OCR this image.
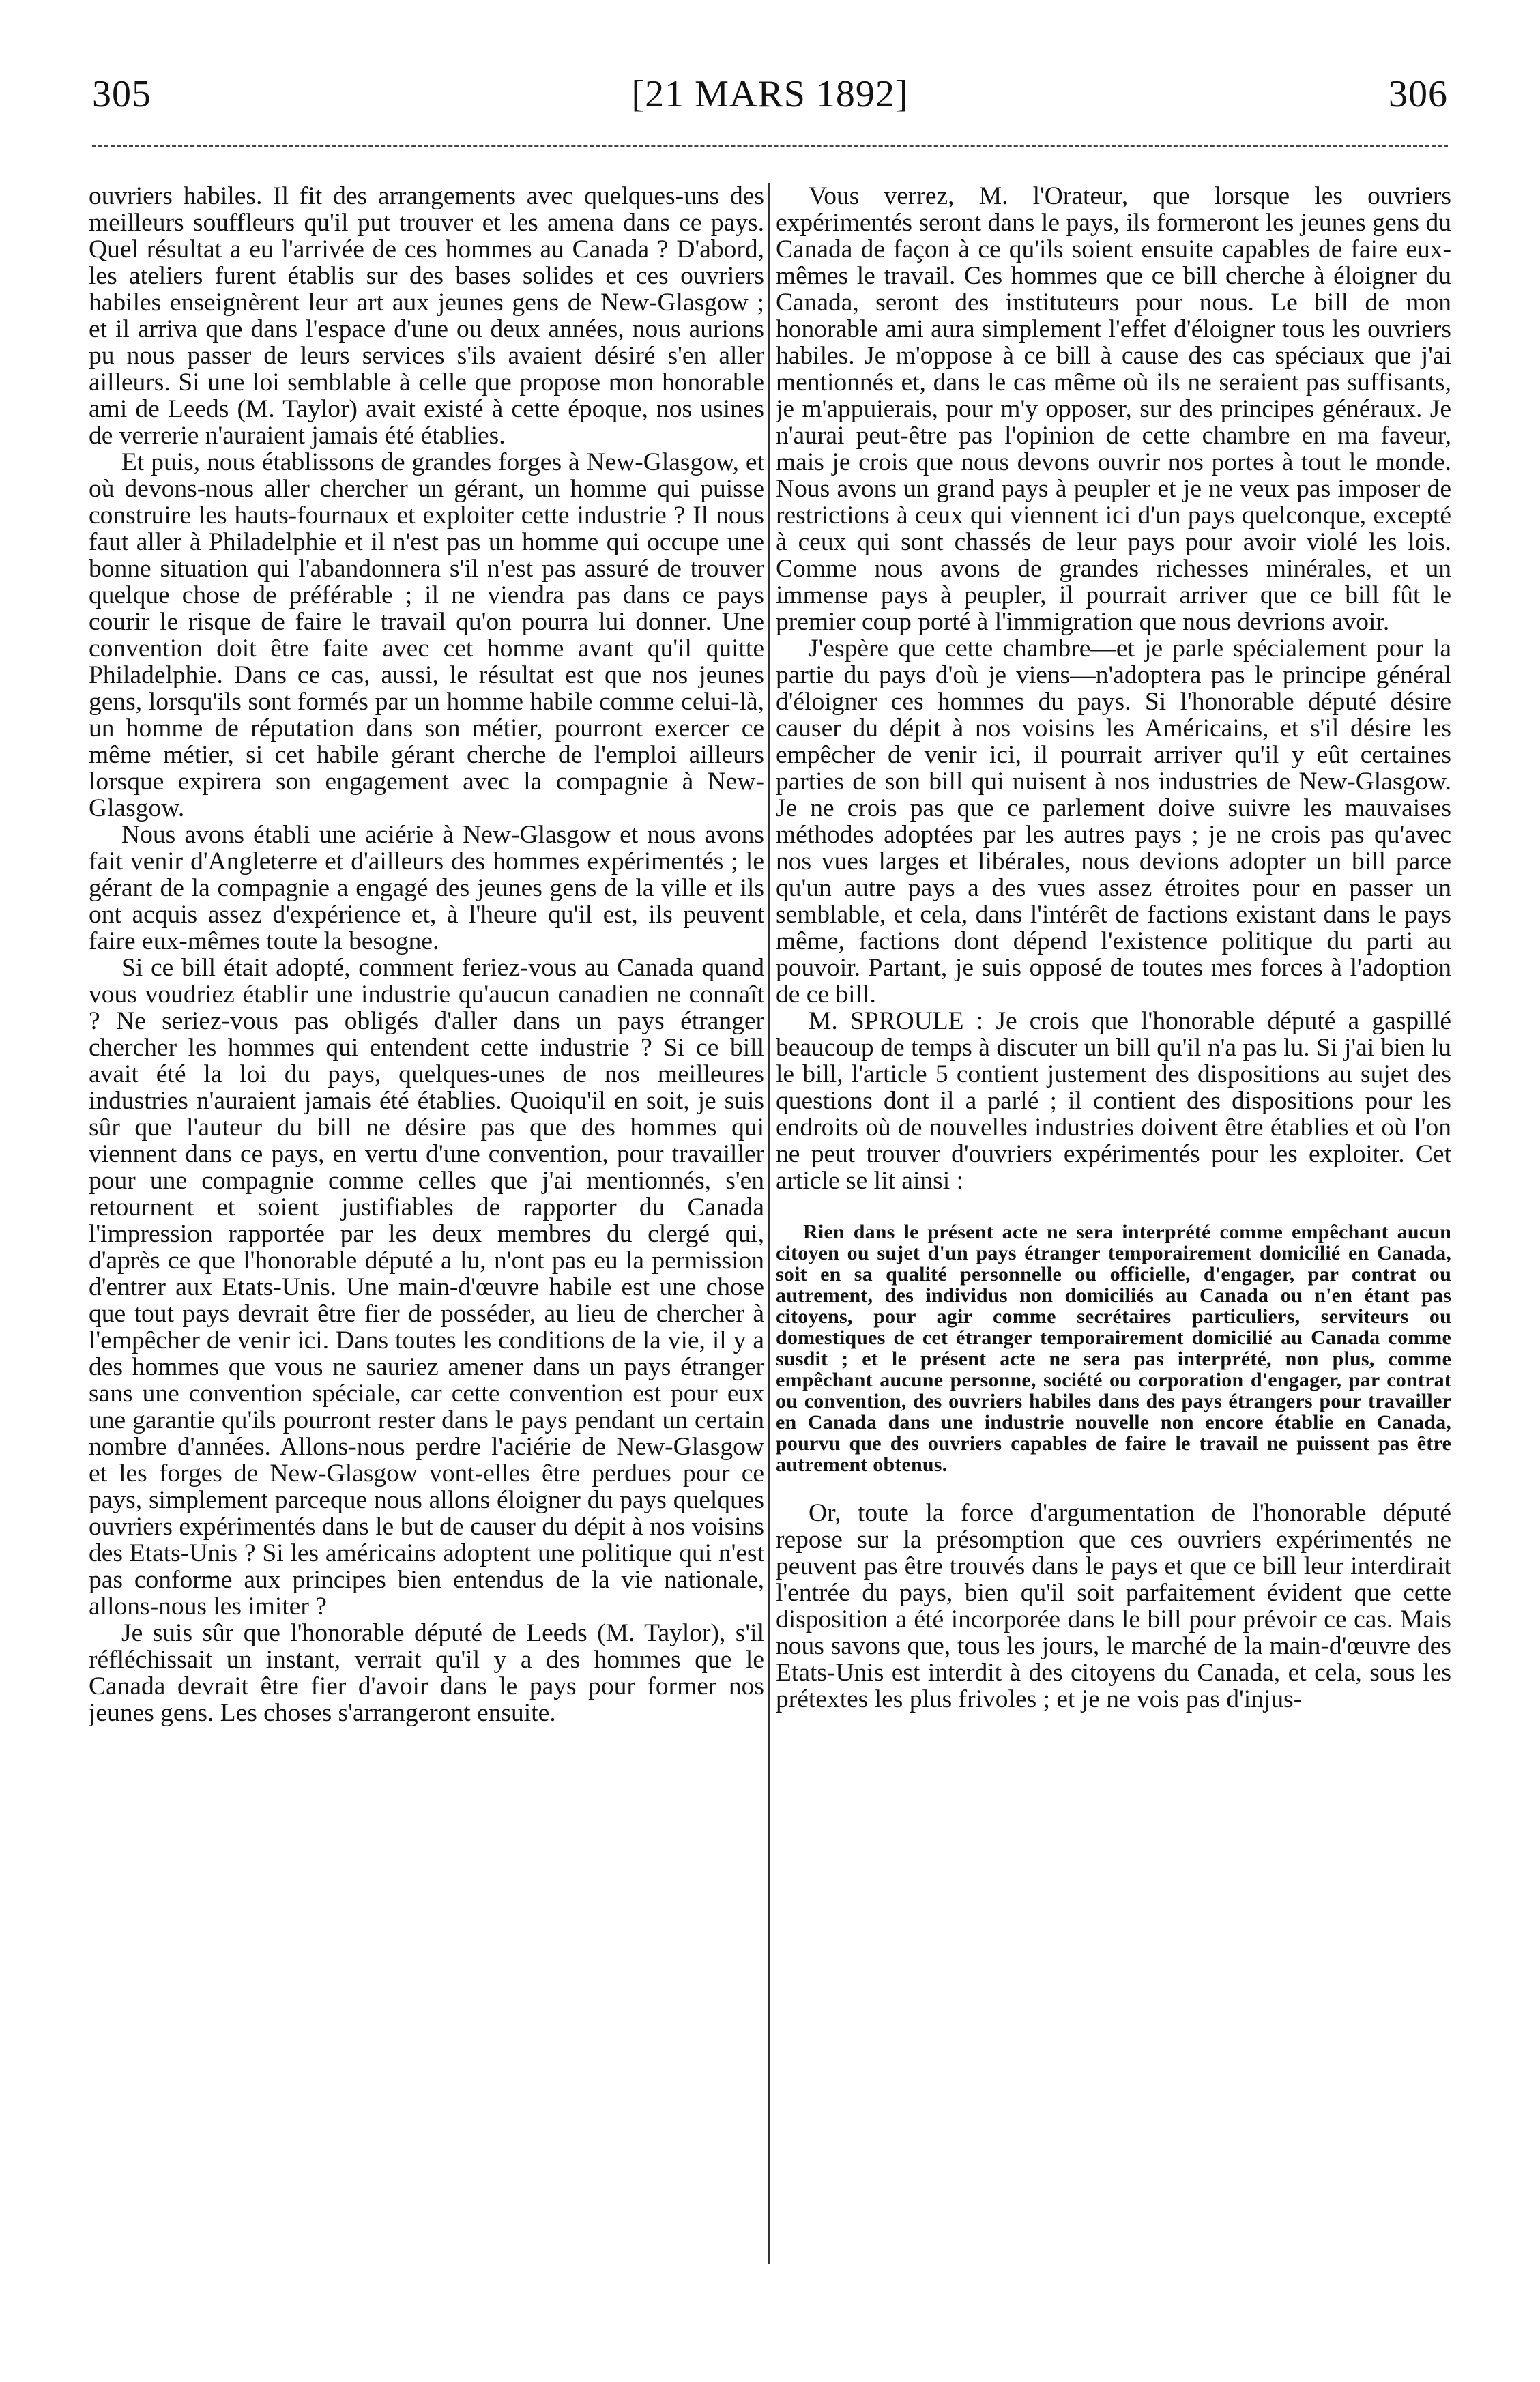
305	[21 MARS 1892]	306

ouvriers habiles. Il fit des arrangements avec quelques-uns des meilleurs souffleurs qu'il put trouver et les amena dans ce pays. Quel résultat a eu l'arrivée de ces hommes au Canada ? D'abord, les ateliers furent établis sur des bases solides et ces ouvriers habiles enseignèrent leur art aux jeunes gens de New-Glasgow ; et il arriva que dans l'espace d'une ou deux années, nous aurions pu nous passer de leurs services s'ils avaient désiré s'en aller ailleurs. Si une loi semblable à celle que propose mon honorable ami de Leeds (M. Taylor) avait existé à cette époque, nos usines de verrerie n'auraient jamais été établies.

Et puis, nous établissons de grandes forges à New-Glasgow, et où devons-nous aller chercher un gérant, un homme qui puisse construire les hauts-fournaux et exploiter cette industrie ? Il nous faut aller à Philadelphie et il n'est pas un homme qui occupe une bonne situation qui l'abandonnera s'il n'est pas assuré de trouver quelque chose de préférable ; il ne viendra pas dans ce pays courir le risque de faire le travail qu'on pourra lui donner. Une convention doit être faite avec cet homme avant qu'il quitte Philadelphie. Dans ce cas, aussi, le résultat est que nos jeunes gens, lorsqu'ils sont formés par un homme habile comme celui-là, un homme de réputation dans son métier, pourront exercer ce même métier, si cet habile gérant cherche de l'emploi ailleurs lorsque expirera son engagement avec la compagnie à New-Glasgow.

Nous avons établi une aciérie à New-Glasgow et nous avons fait venir d'Angleterre et d'ailleurs des hommes expérimentés ; le gérant de la compagnie a engagé des jeunes gens de la ville et ils ont acquis assez d'expérience et, à l'heure qu'il est, ils peuvent faire eux-mêmes toute la besogne.

Si ce bill était adopté, comment feriez-vous au Canada quand vous voudriez établir une industrie qu'aucun canadien ne connaît ? Ne seriez-vous pas obligés d'aller dans un pays étranger chercher les hommes qui entendent cette industrie ? Si ce bill avait été la loi du pays, quelques-unes de nos meilleures industries n'auraient jamais été établies. Quoiqu'il en soit, je suis sûr que l'auteur du bill ne désire pas que des hommes qui viennent dans ce pays, en vertu d'une convention, pour travailler pour une compagnie comme celles que j'ai mentionnés, s'en retournent et soient justifiables de rapporter du Canada l'impression rapportée par les deux membres du clergé qui, d'après ce que l'honorable député a lu, n'ont pas eu la permission d'entrer aux Etats-Unis. Une main-d'œuvre habile est une chose que tout pays devrait être fier de posséder, au lieu de chercher à l'empêcher de venir ici. Dans toutes les conditions de la vie, il y a des hommes que vous ne sauriez amener dans un pays étranger sans une convention spéciale, car cette convention est pour eux une garantie qu'ils pourront rester dans le pays pendant un certain nombre d'années. Allons-nous perdre l'aciérie de New-Glasgow et les forges de New-Glasgow vont-elles être perdues pour ce pays, simplement parceque nous allons éloigner du pays quelques ouvriers expérimentés dans le but de causer du dépit à nos voisins des Etats-Unis ? Si les américains adoptent une politique qui n'est pas conforme aux principes bien entendus de la vie nationale, allons-nous les imiter ?

Je suis sûr que l'honorable député de Leeds (M. Taylor), s'il réfléchissait un instant, verrait qu'il y a des hommes que le Canada devrait être fier d'avoir dans le pays pour former nos jeunes gens. Les choses s'arrangeront ensuite.

Vous verrez, M. l'Orateur, que lorsque les ouvriers expérimentés seront dans le pays, ils formeront les jeunes gens du Canada de façon à ce qu'ils soient ensuite capables de faire eux-mêmes le travail. Ces hommes que ce bill cherche à éloigner du Canada, seront des instituteurs pour nous. Le bill de mon honorable ami aura simplement l'effet d'éloigner tous les ouvriers habiles. Je m'oppose à ce bill à cause des cas spéciaux que j'ai mentionnés et, dans le cas même où ils ne seraient pas suffisants, je m'appuierais, pour m'y opposer, sur des principes généraux. Je n'aurai peut-être pas l'opinion de cette chambre en ma faveur, mais je crois que nous devons ouvrir nos portes à tout le monde. Nous avons un grand pays à peupler et je ne veux pas imposer de restrictions à ceux qui viennent ici d'un pays quelconque, excepté à ceux qui sont chassés de leur pays pour avoir violé les lois. Comme nous avons de grandes richesses minérales, et un immense pays à peupler, il pourrait arriver que ce bill fût le premier coup porté à l'immigration que nous devrions avoir.

J'espère que cette chambre—et je parle spécialement pour la partie du pays d'où je viens—n'adoptera pas le principe général d'éloigner ces hommes du pays. Si l'honorable député désire causer du dépit à nos voisins les Américains, et s'il désire les empêcher de venir ici, il pourrait arriver qu'il y eût certaines parties de son bill qui nuisent à nos industries de New-Glasgow. Je ne crois pas que ce parlement doive suivre les mauvaises méthodes adoptées par les autres pays ; je ne crois pas qu'avec nos vues larges et libérales, nous devions adopter un bill parce qu'un autre pays a des vues assez étroites pour en passer un semblable, et cela, dans l'intérêt de factions existant dans le pays même, factions dont dépend l'existence politique du parti au pouvoir. Partant, je suis opposé de toutes mes forces à l'adoption de ce bill.

M. SPROULE : Je crois que l'honorable député a gaspillé beaucoup de temps à discuter un bill qu'il n'a pas lu. Si j'ai bien lu le bill, l'article 5 contient justement des dispositions au sujet des questions dont il a parlé ; il contient des dispositions pour les endroits où de nouvelles industries doivent être établies et où l'on ne peut trouver d'ouvriers expérimentés pour les exploiter. Cet article se lit ainsi :

Rien dans le présent acte ne sera interprété comme empêchant aucun citoyen ou sujet d'un pays étranger temporairement domicilié en Canada, soit en sa qualité personnelle ou officielle, d'engager, par contrat ou autrement, des individus non domiciliés au Canada ou n'en étant pas citoyens, pour agir comme secrétaires particuliers, serviteurs ou domestiques de cet étranger temporairement domicilié au Canada comme susdit ; et le présent acte ne sera pas interprété, non plus, comme empêchant aucune personne, société ou corporation d'engager, par contrat ou convention, des ouvriers habiles dans des pays étrangers pour travailler en Canada dans une industrie nouvelle non encore établie en Canada, pourvu que des ouvriers capables de faire le travail ne puissent pas être autrement obtenus.

Or, toute la force d'argumentation de l'honorable député repose sur la présomption que ces ouvriers expérimentés ne peuvent pas être trouvés dans le pays et que ce bill leur interdirait l'entrée du pays, bien qu'il soit parfaitement évident que cette disposition a été incorporée dans le bill pour prévoir ce cas. Mais nous savons que, tous les jours, le marché de la main-d'œuvre des Etats-Unis est interdit à des citoyens du Canada, et cela, sous les prétextes les plus frivoles ; et je ne vois pas d'injus-
